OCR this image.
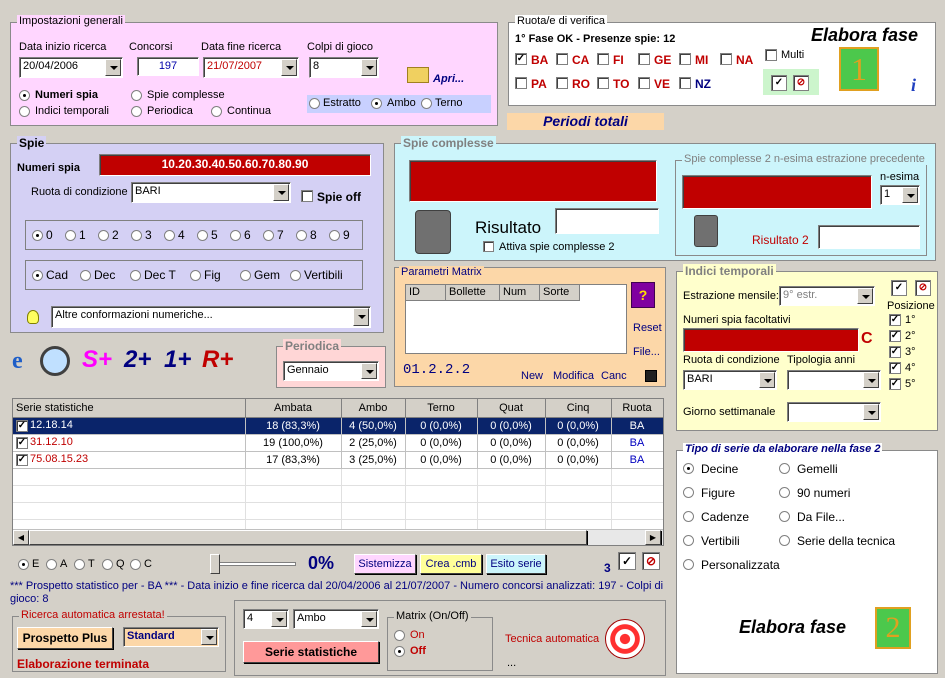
Impostazioni generali
Data inizio ricerca
20/04/2006
Concorsi
197
Data fine ricerca
21/07/2007
Colpi di gioco
8
Apri...
Numeri spia
Indici temporali
Spie complesse
Periodica	Continua
Estratto Ambo Terno
Ruota/e di verifica
1° Fase OK - Presenze spie: 12
✓ BA CA FI	GE MI NA
PA RO TO VE NZ
Multi
✓	⊘
Elabora fase
1	i
Periodi totali
Spie
Numeri spia	10.20.30.40.50.60.70.80.90
Ruota di condizione BARI	Spie off
0 1 2 3 4 5 6 7 8 9
Cad Dec Dec T Fig	Gem Vertibili
Altre conformazioni numeriche...
Spie complesse
Risultato
Attiva spie complesse 2
Spie complesse 2 n-esima estrazione precedente
n-esima
1
Risultato 2
Parametri Matrix
ID	Bollette	Num	Sorte	?
Reset
File...
01.2.2.2	New Modifica Canc
Indici temporali
Estrazione mensile: 9° estr.
Numeri spia facoltativi
C
Ruota di condizione
BARI
Tipologia anni
Giorno settimanale
✓	⊘
Posizione
✓ 1°
✓ 2°
✓ 3°
✓ 4°
✓ 5°
e	S+ 2+ 1+ R+	Periodica
Gennaio
Serie statistiche	Ambata	Ambo	Terno	Quat	Cinq	Ruota
✓ 12.18.14	18 (83,3%)	4 (50,0%)	0 (0,0%)	0 (0,0%)	0 (0,0%)	BA
✓ 31.12.10	19 (100,0%)	2 (25,0%)	0 (0,0%)	0 (0,0%)	0 (0,0%)	BA
✓ 75.08.15.23	17 (83,3%)	3 (25,0%)	0 (0,0%)	0 (0,0%)	0 (0,0%)	BA

◀	▶
E A T Q C	0%	Sistemizza	Crea .cmb	Esito serie	3 ✓	⊘
*** Prospetto statistico per - BA *** - Data inizio e fine ricerca dal 20/04/2006 al 21/07/2007 - Numero concorsi analizzati: 197 - Colpi di gioco: 8
Ricerca automatica arrestata!
Prospetto Plus	Standard
Elaborazione terminata
4	Ambo
Serie statistiche
Matrix (On/Off)
On
Off
Tecnica automatica
...
Tipo di serie da elaborare nella fase 2
Decine
Figure
Cadenze
Vertibili
Personalizzata
Gemelli
90 numeri
Da File...
Serie della tecnica
Elabora fase	2
